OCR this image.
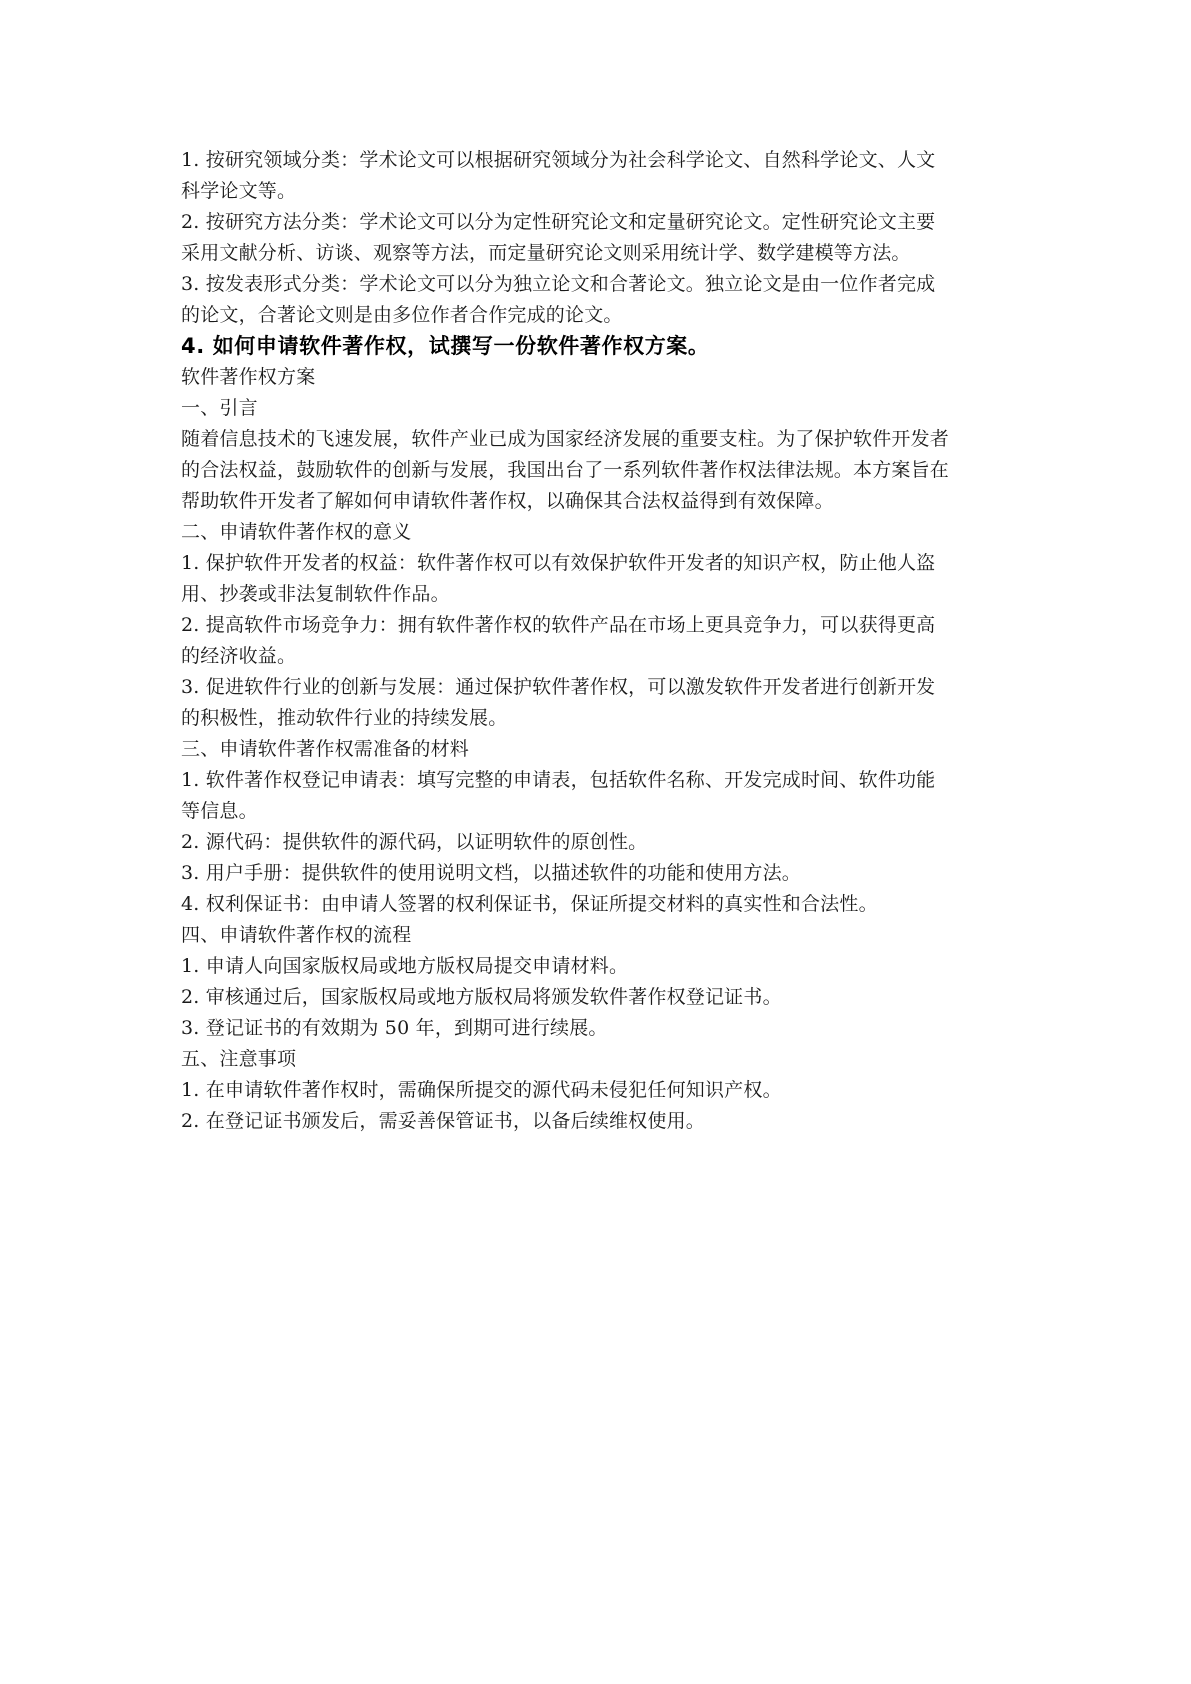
1. 按研究领域分类：学术论文可以根据研究领域分为社会科学论文、自然科学论文、人文
科学论文等。
2. 按研究方法分类：学术论文可以分为定性研究论文和定量研究论文。定性研究论文主要
采用文献分析、访谈、观察等方法，而定量研究论文则采用统计学、数学建模等方法。
3. 按发表形式分类：学术论文可以分为独立论文和合著论文。独立论文是由一位作者完成
的论文，合著论文则是由多位作者合作完成的论文。
4. 如何申请软件著作权，试撰写一份软件著作权方案。
软件著作权方案
一、引言
随着信息技术的飞速发展，软件产业已成为国家经济发展的重要支柱。为了保护软件开发者
的合法权益，鼓励软件的创新与发展，我国出台了一系列软件著作权法律法规。本方案旨在
帮助软件开发者了解如何申请软件著作权，以确保其合法权益得到有效保障。
二、申请软件著作权的意义
1. 保护软件开发者的权益：软件著作权可以有效保护软件开发者的知识产权，防止他人盗
用、抄袭或非法复制软件作品。
2. 提高软件市场竞争力：拥有软件著作权的软件产品在市场上更具竞争力，可以获得更高
的经济收益。
3. 促进软件行业的创新与发展：通过保护软件著作权，可以激发软件开发者进行创新开发
的积极性，推动软件行业的持续发展。
三、申请软件著作权需准备的材料
1. 软件著作权登记申请表：填写完整的申请表，包括软件名称、开发完成时间、软件功能
等信息。
2. 源代码：提供软件的源代码，以证明软件的原创性。
3. 用户手册：提供软件的使用说明文档，以描述软件的功能和使用方法。
4. 权利保证书：由申请人签署的权利保证书，保证所提交材料的真实性和合法性。
四、申请软件著作权的流程
1. 申请人向国家版权局或地方版权局提交申请材料。
2. 审核通过后，国家版权局或地方版权局将颁发软件著作权登记证书。
3. 登记证书的有效期为 50 年，到期可进行续展。
五、注意事项
1. 在申请软件著作权时，需确保所提交的源代码未侵犯任何知识产权。
2. 在登记证书颁发后，需妥善保管证书，以备后续维权使用。
